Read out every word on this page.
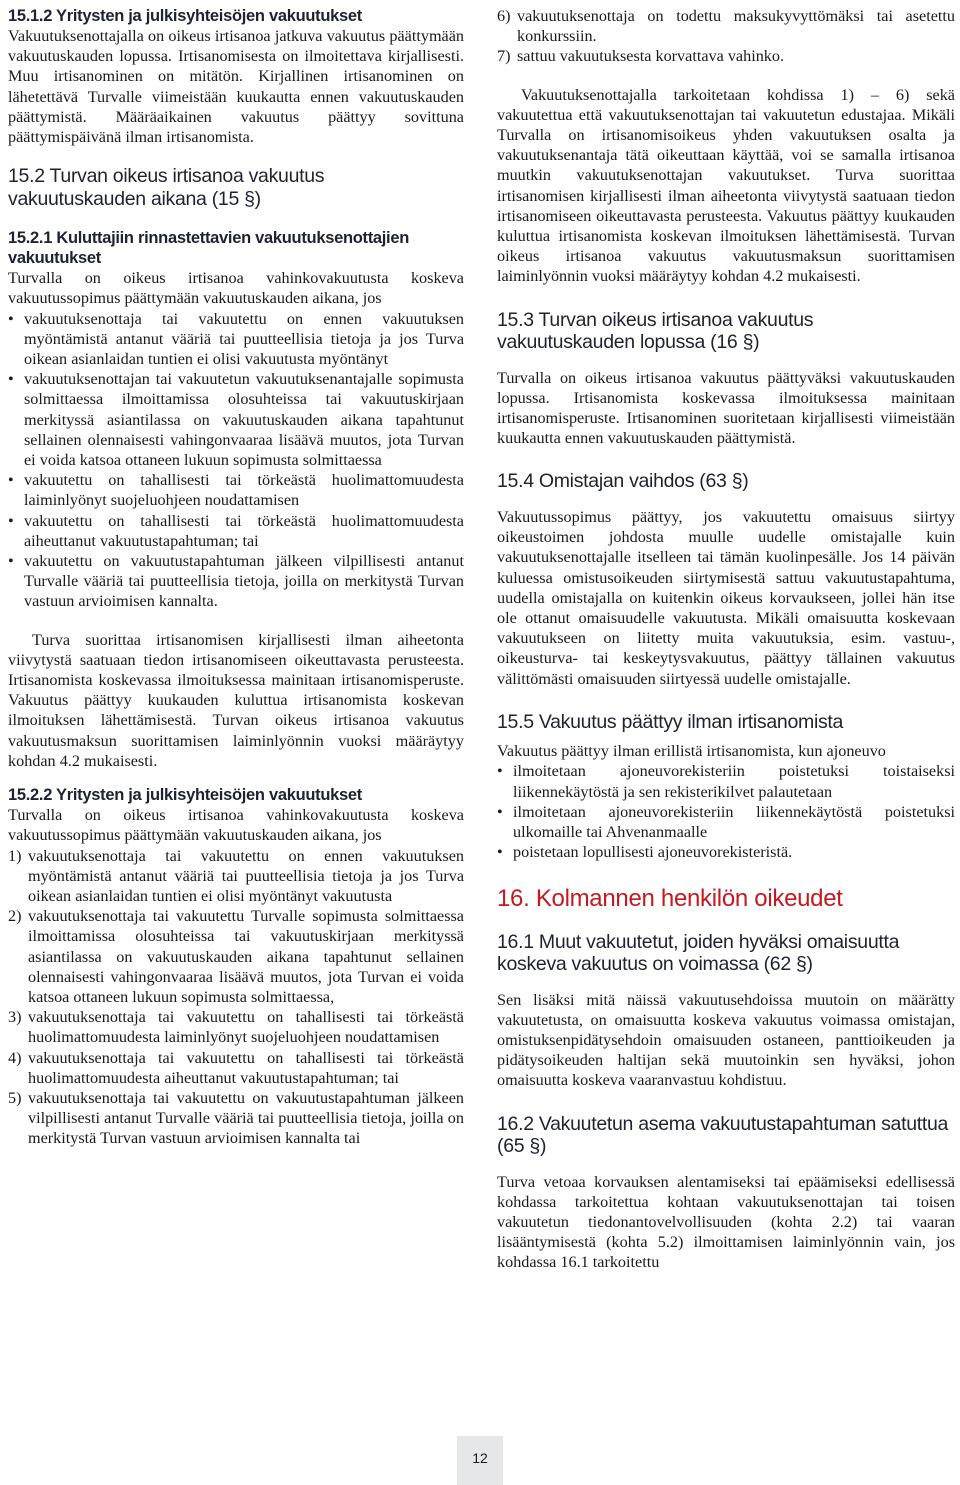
15.1.2 Yritysten ja julkisyhteisöjen vakuutukset

Vakuutuksenottajalla on oikeus irtisanoa jatkuva vakuutus päättymään vakuutuskauden lopussa. Irtisanomisesta on ilmoitettava kirjallisesti. Muu irtisanominen on mitätön. Kirjallinen irtisanominen on lähetettävä Turvalle viimeistään kuukautta ennen vakuutuskauden päättymistä. Määräaikainen vakuutus päättyy sovittuna päättymispäivänä ilman irtisanomista.

15.2 Turvan oikeus irtisanoa vakuutus vakuutuskauden aikana (15 §)
15.2.1 Kuluttajiin rinnastettavien vakuutuksenottajien vakuutukset

Turvalla on oikeus irtisanoa vahinkovakuutusta koskeva vakuutussopimus päättymään vakuutuskauden aikana, jos

• vakuutuksenottaja tai vakuutettu on ennen vakuutuksen myöntämistä antanut vääriä tai puutteellisia tietoja ja jos Turva oikean asianlaidan tuntien ei olisi vakuutusta myöntänyt
• vakuutuksenottajan tai vakuutetun vakuutuksenantajalle sopimusta solmittaessa ilmoittamissa olosuhteissa tai vakuutuskirjaan merkityssä asiantilassa on vakuutuskauden aikana tapahtunut sellainen olennaisesti vahingonvaaraa lisäävä muutos, jota Turvan ei voida katsoa ottaneen lukuun sopimusta solmittaessa
• vakuutettu on tahallisesti tai törkeästä huolimattomuudesta laiminlyönyt suojeluohjeen noudattamisen
• vakuutettu on tahallisesti tai törkeästä huolimattomuudesta aiheuttanut vakuutustapahtuman; tai
• vakuutettu on vakuutustapahtuman jälkeen vilpillisesti antanut Turvalle vääriä tai puutteellisia tietoja, joilla on merkitystä Turvan vastuun arvioimisen kannalta.

Turva suorittaa irtisanomisen kirjallisesti ilman aiheetonta viivytystä saatuaan tiedon irtisanomiseen oikeuttavasta perusteesta. Irtisanomista koskevassa ilmoituksessa mainitaan irtisanomisperuste. Vakuutus päättyy kuukauden kuluttua irtisanomista koskevan ilmoituksen lähettämisestä. Turvan oikeus irtisanoa vakuutus vakuutusmaksun suorittamisen laiminlyönnin vuoksi määräytyy kohdan 4.2 mukaisesti.

15.2.2 Yritysten ja julkisyhteisöjen vakuutukset

Turvalla on oikeus irtisanoa vahinkovakuutusta koskeva vakuutussopimus päättymään vakuutuskauden aikana, jos

1) vakuutuksenottaja tai vakuutettu on ennen vakuutuksen myöntämistä antanut vääriä tai puutteellisia tietoja ja jos Turva oikean asianlaidan tuntien ei olisi myöntänyt vakuutusta
2) vakuutuksenottaja tai vakuutettu Turvalle sopimusta solmittaessa ilmoittamissa olosuhteissa tai vakuutuskirjaan merkityssä asiantilassa on vakuutuskauden aikana tapahtunut sellainen olennaisesti vahingonvaaraa lisäävä muutos, jota Turvan ei voida katsoa ottaneen lukuun sopimusta solmittaessa,
3) vakuutuksenottaja tai vakuutettu on tahallisesti tai törkeästä huolimattomuudesta laiminlyönyt suojeluohjeen noudattamisen
4) vakuutuksenottaja tai vakuutettu on tahallisesti tai törkeästä huolimattomuudesta aiheuttanut vakuutustapahtuman; tai
5) vakuutuksenottaja tai vakuutettu on vakuutustapahtuman jälkeen vilpillisesti antanut Turvalle vääriä tai puutteellisia tietoja, joilla on merkitystä Turvan vastuun arvioimisen kannalta tai
6) vakuutuksenottaja on todettu maksukyvyttömäksi tai asetettu konkurssiin.
7) sattuu vakuutuksesta korvattava vahinko.

Vakuutuksenottajalla tarkoitetaan kohdissa 1) – 6) sekä vakuutettua että vakuutuksenottajan tai vakuutetun edustajaa. Mikäli Turvalla on irtisanomisoikeus yhden vakuutuksen osalta ja vakuutuksenantaja tätä oikeuttaan käyttää, voi se samalla irtisanoa muutkin vakuutuksenottajan vakuutukset. Turva suorittaa irtisanomisen kirjallisesti ilman aiheetonta viivytystä saatuaan tiedon irtisanomiseen oikeuttavasta perusteesta. Vakuutus päättyy kuukauden kuluttua irtisanomista koskevan ilmoituksen lähettämisestä. Turvan oikeus irtisanoa vakuutus vakuutusmaksun suorittamisen laiminlyönnin vuoksi määräytyy kohdan 4.2 mukaisesti.

15.3 Turvan oikeus irtisanoa vakuutus vakuutuskauden lopussa (16 §)

Turvalla on oikeus irtisanoa vakuutus päättyväksi vakuutuskauden lopussa. Irtisanomista koskevassa ilmoituksessa mainitaan irtisanomisperuste. Irtisanominen suoritetaan kirjallisesti viimeistään kuukautta ennen vakuutuskauden päättymistä.

15.4 Omistajan vaihdos (63 §)

Vakuutussopimus päättyy, jos vakuutettu omaisuus siirtyy oikeustoimen johdosta muulle uudelle omistajalle kuin vakuutuksenottajalle itselleen tai tämän kuolinpesälle. Jos 14 päivän kuluessa omistusoikeuden siirtymisestä sattuu vakuutustapahtuma, uudella omistajalla on kuitenkin oikeus korvaukseen, jollei hän itse ole ottanut omaisuudelle vakuutusta. Mikäli omaisuutta koskevaan vakuutukseen on liitetty muita vakuutuksia, esim. vastuu-, oikeusturva- tai keskeytysvakuutus, päättyy tällainen vakuutus välittömästi omaisuuden siirtyessä uudelle omistajalle.

15.5 Vakuutus päättyy ilman irtisanomista

Vakuutus päättyy ilman erillistä irtisanomista, kun ajoneuvo

• ilmoitetaan ajoneuvorekisteriin poistetuksi toistaiseksi liikennekäytöstä ja sen rekisterikilvet palautetaan
• ilmoitetaan ajoneuvorekisteriin liikennekäytöstä poistetuksi ulkomaille tai Ahvenanmaalle
• poistetaan lopullisesti ajoneuvorekisteristä.
16. Kolmannen henkilön oikeudet
16.1 Muut vakuutetut, joiden hyväksi omaisuutta koskeva vakuutus on voimassa (62 §)

Sen lisäksi mitä näissä vakuutusehdoissa muutoin on määrätty vakuutetusta, on omaisuutta koskeva vakuutus voimassa omistajan, omistuksenpidätysehdoin omaisuuden ostaneen, panttioikeuden ja pidätysoikeuden haltijan sekä muutoinkin sen hyväksi, johon omaisuutta koskeva vaaranvastuu kohdistuu.

16.2 Vakuutetun asema vakuutustapahtuman satuttua (65 §)

Turva vetoaa korvauksen alentamiseksi tai epäämiseksi edellisessä kohdassa tarkoitettua kohtaan vakuutuksenottajan tai toisen vakuutetun tiedonantovelvollisuuden (kohta 2.2) tai vaaran lisääntymisestä (kohta 5.2) ilmoittamisen laiminlyönnin vain, jos kohdassa 16.1 tarkoitettu

12
